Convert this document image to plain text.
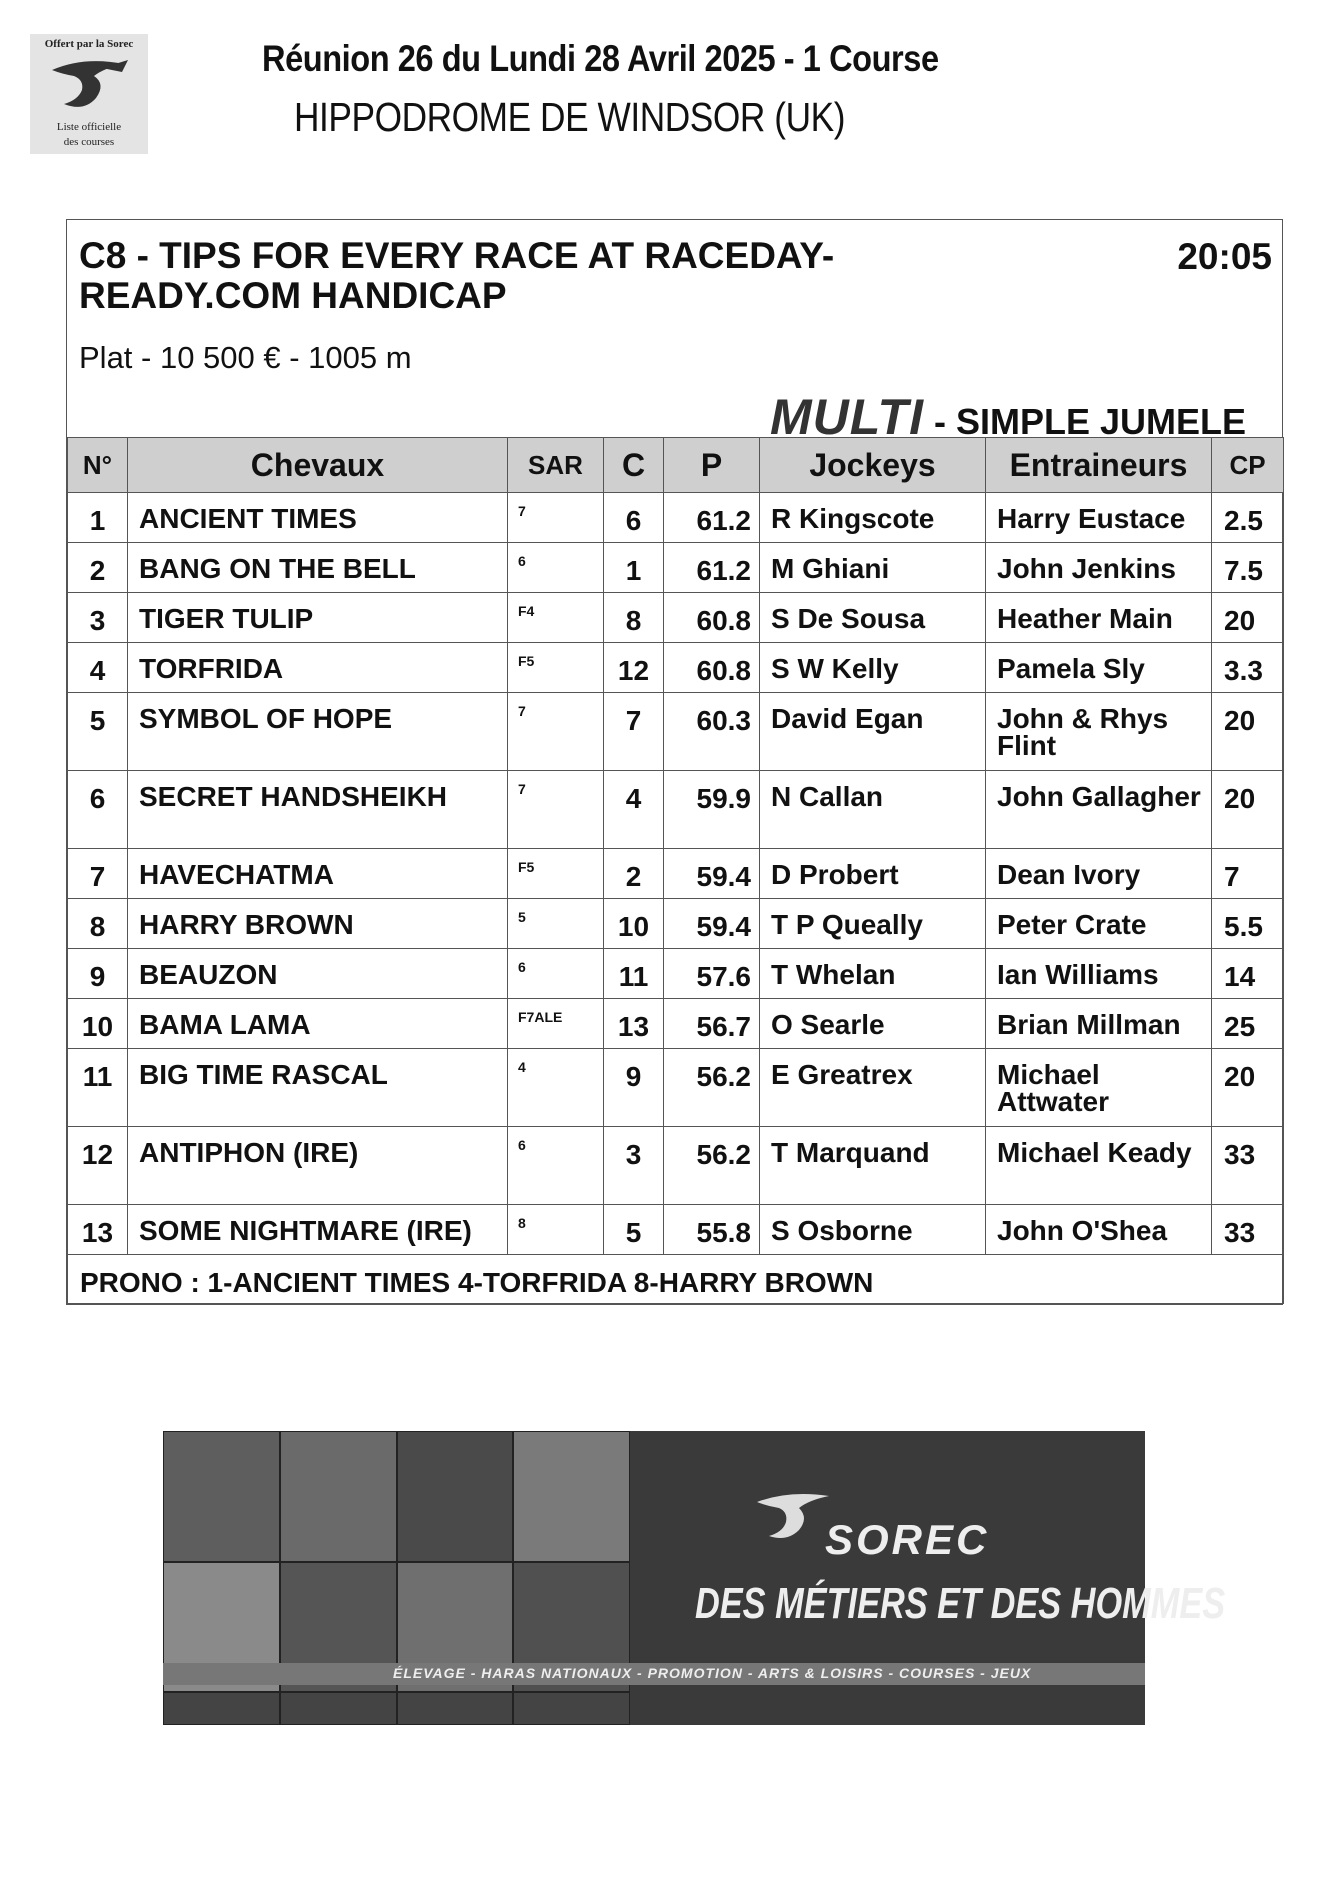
Offert par la Sorec
Liste officielle
des courses
Réunion 26 du Lundi 28 Avril 2025 - 1 Course
HIPPODROME DE WINDSOR (UK)
C8 - TIPS FOR EVERY RACE AT RACEDAY-READY.COM HANDICAP
20:05
Plat - 10 500 € - 1005 m
MULTI - SIMPLE JUMELE
N°	Chevaux	SAR	C	P	Jockeys	Entraineurs	CP
1	ANCIENT TIMES	7	6	61.2	R Kingscote	Harry Eustace	2.5
2	BANG ON THE BELL	6	1	61.2	M Ghiani	John Jenkins	7.5
3	TIGER TULIP	F4	8	60.8	S De Sousa	Heather Main	20
4	TORFRIDA	F5	12	60.8	S W Kelly	Pamela Sly	3.3
5	SYMBOL OF HOPE	7	7	60.3	David Egan	John & Rhys Flint	20
6	SECRET HANDSHEIKH	7	4	59.9	N Callan	John Gallagher	20
7	HAVECHATMA	F5	2	59.4	D Probert	Dean Ivory	7
8	HARRY BROWN	5	10	59.4	T P Queally	Peter Crate	5.5
9	BEAUZON	6	11	57.6	T Whelan	Ian Williams	14
10	BAMA LAMA	F7ALE	13	56.7	O Searle	Brian Millman	25
11	BIG TIME RASCAL	4	9	56.2	E Greatrex	Michael Attwater	20
12	ANTIPHON (IRE)	6	3	56.2	T Marquand	Michael Keady	33
13	SOME NIGHTMARE (IRE)	8	5	55.8	S Osborne	John O'Shea	33
PRONO : 1-ANCIENT TIMES 4-TORFRIDA 8-HARRY BROWN							
SOREC
DES MÉTIERS ET DES HOMMES
ÉLEVAGE - HARAS NATIONAUX - PROMOTION - ARTS & LOISIRS - COURSES - JEUX
